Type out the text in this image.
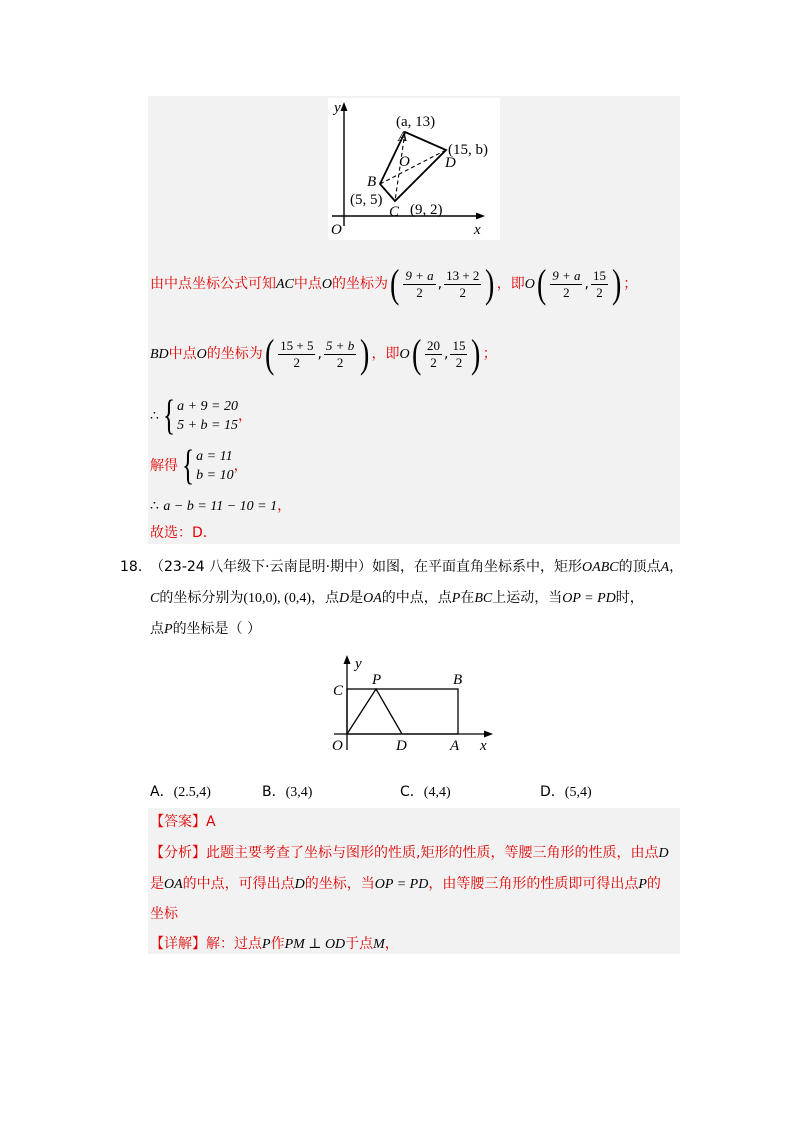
y
O	x
(a, 13)
A
(15, b)
D
O
B
(5, 5)
C (9, 2)
由中点坐标公式可知AC中点O的坐标为( $\frac{9 + a}{2}$ , $\frac{13 + 2}{2}$ ) ，即$O( \frac{9 + a}{2}$ , $\frac{15}{2}$ ) ；
BD中点O的坐标为( $\frac{15 + 5}{2}$ , $\frac{5 + b}{2}$ ) ，即$O( \frac{20}{2}$ , $\frac{15}{2}$ ) ；
∴{ a + 9 = 20
5 + b = 15
，
解得{ a = 11
b = 10
，
∴ a − b = 11 − 10 = 1，
故选：D．
18. （23-24 八年级下·云南昆明·期中）如图，在平面直角坐标系中，矩形OABC的顶点A，
C的坐标分别为(10,0), (0,4)，点D是OA的中点，点P在BC上运动，当OP = PD时，
点P的坐标是（ ）
y
C
P	B
O	D	A x
A．(2.5,4)	B．(3,4)	C．(4,4)	D．(5,4)
【答案】A
【分析】此题主要考查了坐标与图形的性质,矩形的性质，等腰三角形的性质，由点D
是OA的中点，可得出点D的坐标，当OP = PD，由等腰三角形的性质即可得出点P的
坐标
【详解】解：过点P作PM ⊥ OD于点M，
